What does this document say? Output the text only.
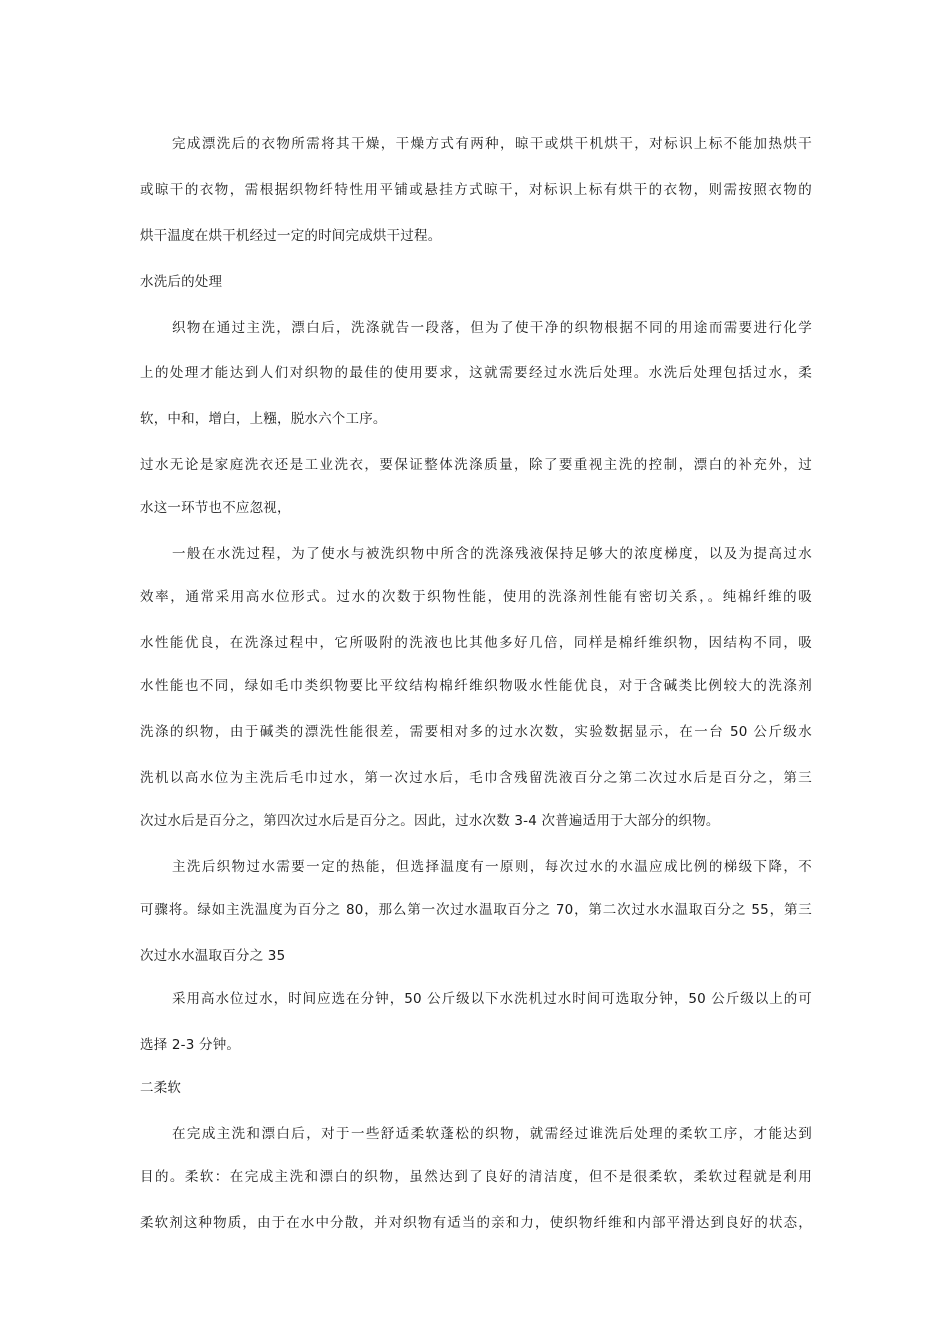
完成漂洗后的衣物所需将其干燥，干燥方式有两种，晾干或烘干机烘干，对标识上标不能加热烘干
或晾干的衣物，需根据织物纤特性用平铺或悬挂方式晾干，对标识上标有烘干的衣物，则需按照衣物的
烘干温度在烘干机经过一定的时间完成烘干过程。
水洗后的处理
织物在通过主洗，漂白后，洗涤就告一段落，但为了使干净的织物根据不同的用途而需要进行化学
上的处理才能达到人们对织物的最佳的使用要求，这就需要经过水洗后处理。水洗后处理包括过水，柔
软，中和，增白，上糨，脱水六个工序。
过水无论是家庭洗衣还是工业洗衣，要保证整体洗涤质量，除了要重视主洗的控制，漂白的补充外，过
水这一环节也不应忽视，
一般在水洗过程，为了使水与被洗织物中所含的洗涤残液保持足够大的浓度梯度，以及为提高过水
效率，通常采用高水位形式。过水的次数于织物性能，使用的洗涤剂性能有密切关系，。纯棉纤维的吸
水性能优良，在洗涤过程中，它所吸附的洗液也比其他多好几倍，同样是棉纤维织物，因结构不同，吸
水性能也不同，绿如毛巾类织物要比平纹结构棉纤维织物吸水性能优良，对于含碱类比例较大的洗涤剂
洗涤的织物，由于碱类的漂洗性能很差，需要相对多的过水次数，实验数据显示，在一台 50 公斤级水
洗机以高水位为主洗后毛巾过水，第一次过水后，毛巾含残留洗液百分之第二次过水后是百分之，第三
次过水后是百分之，第四次过水后是百分之。因此，过水次数 3-4 次普遍适用于大部分的织物。
主洗后织物过水需要一定的热能，但选择温度有一原则，每次过水的水温应成比例的梯级下降，不
可骤将。绿如主洗温度为百分之 80，那么第一次过水温取百分之 70，第二次过水水温取百分之 55，第三
次过水水温取百分之 35
采用高水位过水，时间应选在分钟，50 公斤级以下水洗机过水时间可选取分钟，50 公斤级以上的可
选择 2-3 分钟。
二柔软
在完成主洗和漂白后，对于一些舒适柔软蓬松的织物，就需经过谁洗后处理的柔软工序，才能达到
目的。柔软：在完成主洗和漂白的织物，虽然达到了良好的清洁度，但不是很柔软，柔软过程就是利用
柔软剂这种物质，由于在水中分散，并对织物有适当的亲和力，使织物纤维和内部平滑达到良好的状态，
